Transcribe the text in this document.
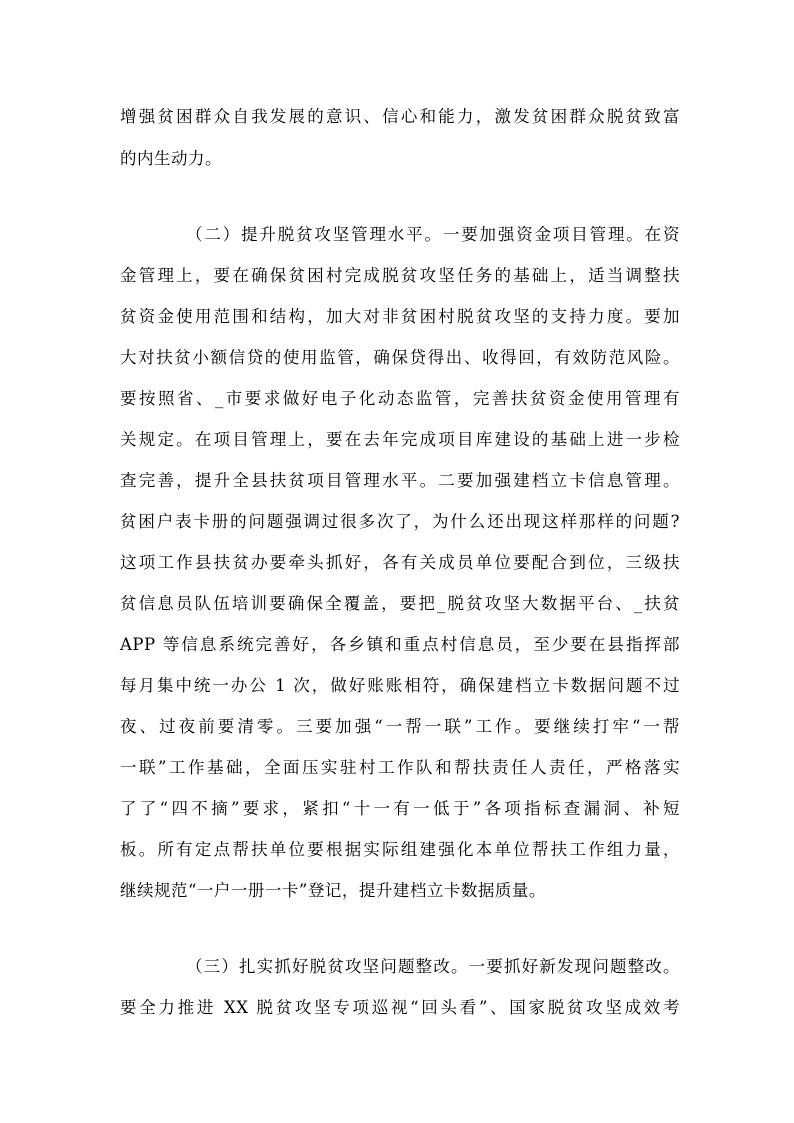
增强贫困群众自我发展的意识、信心和能力，激发贫困群众脱贫致富
的内生动力。
（二）提升脱贫攻坚管理水平。一要加强资金项目管理。在资
金管理上，要在确保贫困村完成脱贫攻坚任务的基础上，适当调整扶
贫资金使用范围和结构，加大对非贫困村脱贫攻坚的支持力度。要加
大对扶贫小额信贷的使用监管，确保贷得出、收得回，有效防范风险。
要按照省、_市要求做好电子化动态监管，完善扶贫资金使用管理有
关规定。在项目管理上，要在去年完成项目库建设的基础上进一步检
查完善，提升全县扶贫项目管理水平。二要加强建档立卡信息管理。
贫困户表卡册的问题强调过很多次了，为什么还出现这样那样的问题?
这项工作县扶贫办要牵头抓好，各有关成员单位要配合到位，三级扶
贫信息员队伍培训要确保全覆盖，要把_脱贫攻坚大数据平台、_扶贫
APP 等信息系统完善好，各乡镇和重点村信息员，至少要在县指挥部
每月集中统一办公 1 次，做好账账相符，确保建档立卡数据问题不过
夜、过夜前要清零。三要加强“一帮一联”工作。要继续打牢“一帮
一联”工作基础，全面压实驻村工作队和帮扶责任人责任，严格落实
了了“四不摘”要求，紧扣“十一有一低于”各项指标查漏洞、补短
板。所有定点帮扶单位要根据实际组建强化本单位帮扶工作组力量，
继续规范“一户一册一卡”登记，提升建档立卡数据质量。
（三）扎实抓好脱贫攻坚问题整改。一要抓好新发现问题整改。
要全力推进 XX 脱贫攻坚专项巡视“回头看”、国家脱贫攻坚成效考
